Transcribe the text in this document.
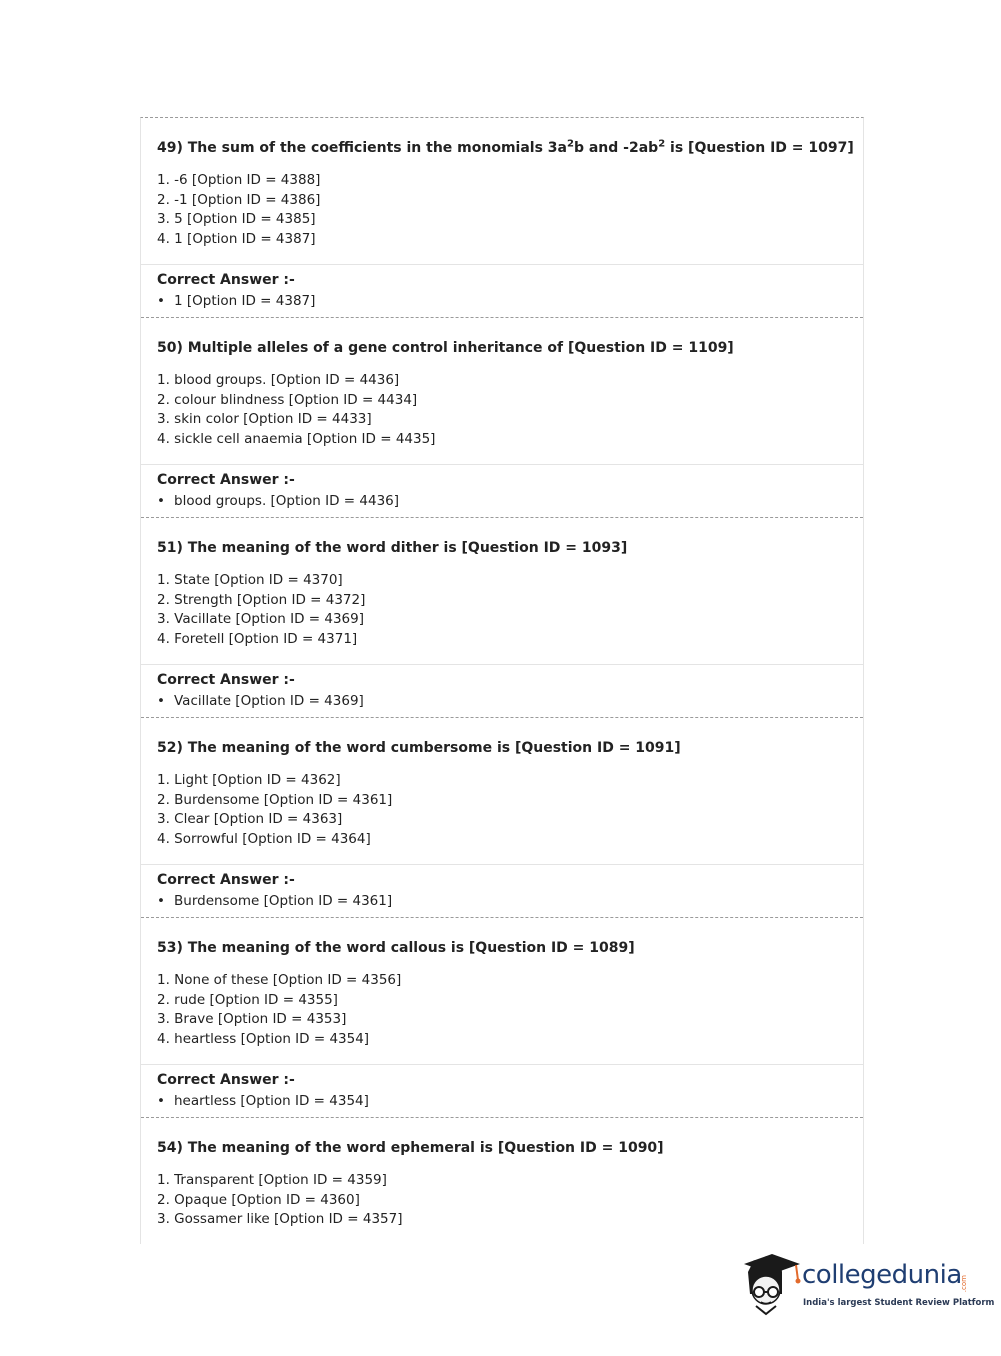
49) The sum of the coefficients in the monomials $3a^2b$ and $-2ab^2$ is [Question ID = 1097]

1. -6 [Option ID = 4388]
2. -1 [Option ID = 4386]
3. 5 [Option ID = 4385]
4. 1 [Option ID = 4387]
Correct Answer :-
• 1 [Option ID = 4387]

50) Multiple alleles of a gene control inheritance of [Question ID = 1109]

1. blood groups. [Option ID = 4436]
2. colour blindness [Option ID = 4434]
3. skin color [Option ID = 4433]
4. sickle cell anaemia [Option ID = 4435]
Correct Answer :-
• blood groups. [Option ID = 4436]

51) The meaning of the word dither is [Question ID = 1093]

1. State [Option ID = 4370]
2. Strength [Option ID = 4372]
3. Vacillate [Option ID = 4369]
4. Foretell [Option ID = 4371]
Correct Answer :-
• Vacillate [Option ID = 4369]

52) The meaning of the word cumbersome is [Question ID = 1091]

1. Light [Option ID = 4362]
2. Burdensome [Option ID = 4361]
3. Clear [Option ID = 4363]
4. Sorrowful [Option ID = 4364]
Correct Answer :-
• Burdensome [Option ID = 4361]

53) The meaning of the word callous is [Question ID = 1089]

1. None of these [Option ID = 4356]
2. rude [Option ID = 4355]
3. Brave [Option ID = 4353]
4. heartless [Option ID = 4354]
Correct Answer :-
• heartless [Option ID = 4354]

54) The meaning of the word ephemeral is [Question ID = 1090]

1. Transparent [Option ID = 4359]
2. Opaque [Option ID = 4360]
3. Gossamer like [Option ID = 4357]
collegedunia
.com
India's largest Student Review Platform
